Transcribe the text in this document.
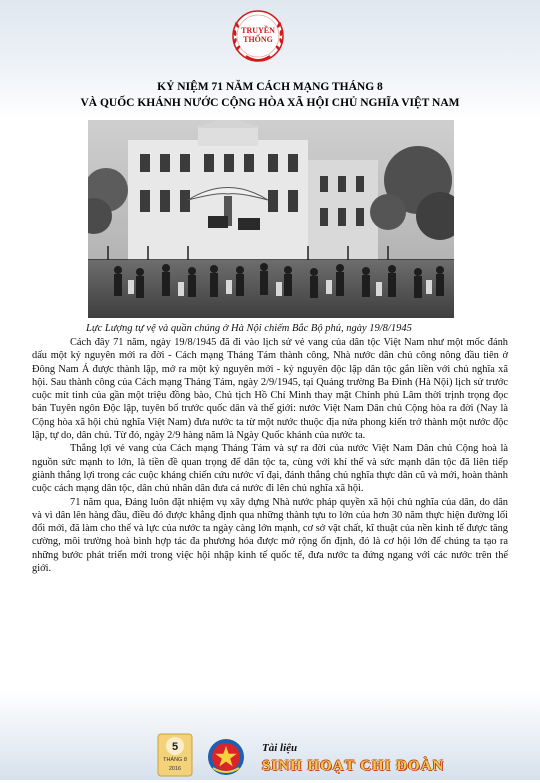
TRUYỀN
THỐNG
KỶ NIỆM 71 NĂM CÁCH MẠNG THÁNG 8
VÀ QUỐC KHÁNH NƯỚC CỘNG HÒA XÃ HỘI CHỦ NGHĨA VIỆT NAM
Lực Lượng tự vệ và quần chúng ở Hà Nội chiếm Bắc Bộ phủ, ngày 19/8/1945

Cách đây 71 năm, ngày 19/8/1945 đã đi vào lịch sử vẻ vang của dân tộc Việt Nam như một mốc đánh dấu một kỷ nguyên mới ra đời - Cách mạng Tháng Tám thành công, Nhà nước dân chủ công nông đầu tiên ở Đông Nam Á được thành lập, mở ra một kỷ nguyên mới - kỷ nguyên độc lập dân tộc gắn liền với chủ nghĩa xã hội. Sau thành công của Cách mạng Tháng Tám, ngày 2/9/1945, tại Quảng trường Ba Đình (Hà Nội) lịch sử trước cuộc mít tinh của gần một triệu đồng bào, Chủ tịch Hồ Chí Minh thay mặt Chính phủ Lâm thời trịnh trọng đọc bản Tuyên ngôn Độc lập, tuyên bố trước quốc dân và thế giới: nước Việt Nam Dân chủ Cộng hòa ra đời (Nay là Cộng hòa xã hội chủ nghĩa Việt Nam) đưa nước ta từ một nước thuộc địa nửa phong kiến trở thành một nước độc lập, tự do, dân chủ. Từ đó, ngày 2/9 hàng năm là Ngày Quốc khánh của nước ta.

Thắng lợi vẻ vang của Cách mạng Tháng Tám và sự ra đời của nước Việt Nam Dân chủ Cộng hoà là nguồn sức mạnh to lớn, là tiền đề quan trọng để dân tộc ta, cùng với khí thế và sức mạnh dân tộc đã liên tiếp giành thắng lợi trong các cuộc kháng chiến cứu nước vĩ đại, đánh thắng chủ nghĩa thực dân cũ và mới, hoàn thành cuộc cách mạng dân tộc, dân chủ nhân dân đưa cả nước đi lên chủ nghĩa xã hội.

71 năm qua, Đảng luôn đặt nhiệm vụ xây dựng Nhà nước pháp quyền xã hội chủ nghĩa của dân, do dân và vì dân lên hàng đầu, điều đó được khẳng định qua những thành tựu to lớn của hơn 30 năm thực hiện đường lối đổi mới, đã làm cho thế và lực của nước ta ngày càng lớn mạnh, cơ sở vật chất, kĩ thuật của nền kinh tế được tăng cường, môi trường hoà bình hợp tác đa phương hóa được mở rộng ổn định, đó là cơ hội lớn để chúng ta tạo ra những bước phát triển mới trong việc hội nhập kinh tế quốc tế, đưa nước ta đứng ngang với các nước trên thế giới.

5
THÁNG 8
2016
Tài liệu
SINH HOẠT CHI ĐOÀN
